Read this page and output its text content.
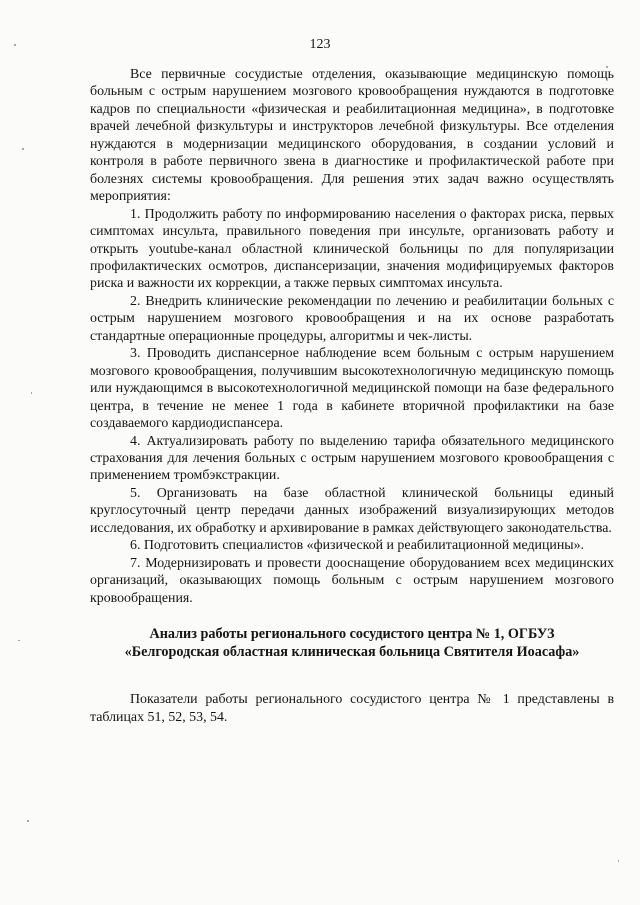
123

Все первичные сосудистые отделения, оказывающие медицинскую помощь больным с острым нарушением мозгового кровообращения нуждаются в подготовке кадров по специальности «физическая и реабилитационная медицина», в подготовке врачей лечебной физкультуры и инструкторов лечебной физкультуры. Все отделения нуждаются в модернизации медицинского оборудования, в создании условий и контроля в работе первичного звена в диагностике и профилактической работе при болезнях системы кровообращения. Для решения этих задач важно осуществлять мероприятия:

1. Продолжить работу по информированию населения о факторах риска, первых симптомах инсульта, правильного поведения при инсульте, организовать работу и открыть youtube-канал областной клинической больницы по для популяризации профилактических осмотров, диспансеризации, значения модифицируемых факторов риска и важности их коррекции, а также первых симптомах инсульта.

2. Внедрить клинические рекомендации по лечению и реабилитации больных с острым нарушением мозгового кровообращения и на их основе разработать стандартные операционные процедуры, алгоритмы и чек-листы.

3. Проводить диспансерное наблюдение всем больным с острым нарушением мозгового кровообращения, получившим высокотехнологичную медицинскую помощь или нуждающимся в высокотехнологичной медицинской помощи на базе федерального центра, в течение не менее 1 года в кабинете вторичной профилактики на базе создаваемого кардиодиспансера.

4. Актуализировать работу по выделению тарифа обязательного медицинского страхования для лечения больных с острым нарушением мозгового кровообращения с применением тромбэкстракции.

5. Организовать на базе областной клинической больницы единый круглосуточный центр передачи данных изображений визуализирующих методов исследования, их обработку и архивирование в рамках действующего законодательства.

6. Подготовить специалистов «физической и реабилитационной медицины».

7. Модернизировать и провести дооснащение оборудованием всех медицинских организаций, оказывающих помощь больным с острым нарушением мозгового кровообращения.

Анализ работы регионального сосудистого центра № 1, ОГБУЗ «Белгородская областная клиническая больница Святителя Иоасафа»

Показатели работы регионального сосудистого центра № 1 представлены в таблицах 51, 52, 53, 54.
